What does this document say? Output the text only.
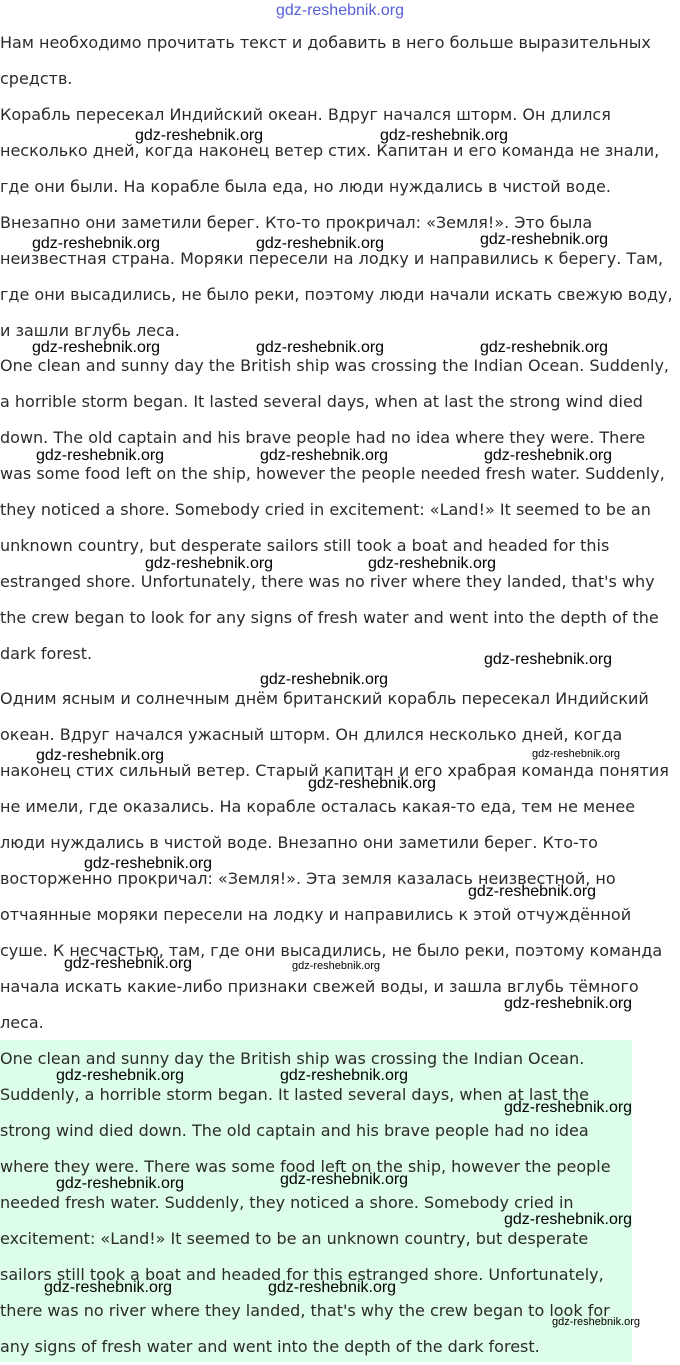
gdz-reshebnik.org

Нам необходимо прочитать текст и добавить в него больше выразительных
средств.

Корабль пересекал Индийский океан. Вдруг начался шторм. Он длился
несколько дней, когда наконец ветер стих. Капитан и его команда не знали,
где они были. На корабле была еда, но люди нуждались в чистой воде.

Внезапно они заметили берег. Кто-то прокричал: «Земля!». Это была
неизвестная страна. Моряки пересели на лодку и направились к берегу. Там,
где они высадились, не было реки, поэтому люди начали искать свежую воду,
и зашли вглубь леса.

One clean and sunny day the British ship was crossing the Indian Ocean. Suddenly,
a horrible storm began. It lasted several days, when at last the strong wind died
down. The old captain and his brave people had no idea where they were. There
was some food left on the ship, however the people needed fresh water. Suddenly,
they noticed a shore. Somebody cried in excitement: «Land!» It seemed to be an
unknown country, but desperate sailors still took a boat and headed for this
estranged shore. Unfortunately, there was no river where they landed, that's why
the crew began to look for any signs of fresh water and went into the depth of the
dark forest.

Одним ясным и солнечным днём британский корабль пересекал Индийский
океан. Вдруг начался ужасный шторм. Он длился несколько дней, когда
наконец стих сильный ветер. Старый капитан и его храбрая команда понятия
не имели, где оказались. На корабле осталась какая-то еда, тем не менее
люди нуждались в чистой воде. Внезапно они заметили берег. Кто-то
восторженно прокричал: «Земля!». Эта земля казалась неизвестной, но
отчаянные моряки пересели на лодку и направились к этой отчуждённой
суше. К несчастью, там, где они высадились, не было реки, поэтому команда
начала искать какие-либо признаки свежей воды, и зашла вглубь тёмного
леса.

One clean and sunny day the British ship was crossing the Indian Ocean.
Suddenly, a horrible storm began. It lasted several days, when at last the
strong wind died down. The old captain and his brave people had no idea
where they were. There was some food left on the ship, however the people
needed fresh water. Suddenly, they noticed a shore. Somebody cried in
excitement: «Land!» It seemed to be an unknown country, but desperate
sailors still took a boat and headed for this estranged shore. Unfortunately,
there was no river where they landed, that's why the crew began to look for
any signs of fresh water and went into the depth of the dark forest.

gdz-reshebnik.org	gdz-reshebnik.org
gdz-reshebnik.org	gdz-reshebnik.org	gdz-reshebnik.org
gdz-reshebnik.org	gdz-reshebnik.org	gdz-reshebnik.org
gdz-reshebnik.org	gdz-reshebnik.org	gdz-reshebnik.org
gdz-reshebnik.org	gdz-reshebnik.org
gdz-reshebnik.org
gdz-reshebnik.org
gdz-reshebnik.org
gdz-reshebnik.org
gdz-reshebnik.org
gdz-reshebnik.org
gdz-reshebnik.org
gdz-reshebnik.org
gdz-reshebnik.org	gdz-reshebnik.org
gdz-reshebnik.org
gdz-reshebnik.org	gdz-reshebnik.org
gdz-reshebnik.org
gdz-reshebnik.org	gdz-reshebnik.org
gdz-reshebnik.org
gdz-reshebnik.org
gdz-reshebnik.org
